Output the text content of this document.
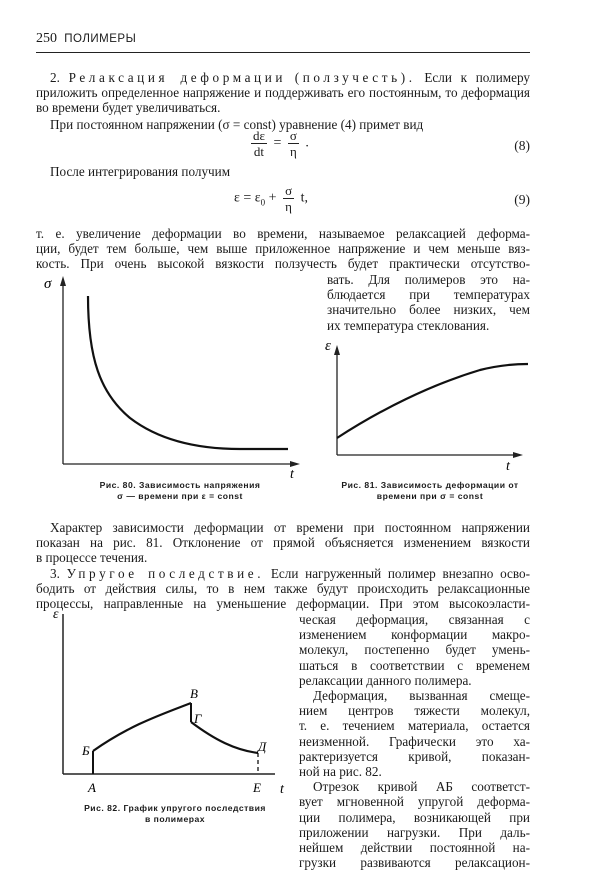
250 ПОЛИМЕРЫ

2. Релаксация деформации (ползучесть). Если к полимеру приложить определенное напряжение и поддерживать его постоянным, то деформация во времени будет увеличиваться.

При постоянном напряжении (σ = const) уравнение (4) примет вид

$\frac{d\varepsilon}{dt} = \frac{\sigma}{\eta}$ .	(8)
После интегрирования получим
$\varepsilon = \varepsilon_0 + \frac{\sigma}{\eta} t$,	(9)
т. е. увеличение деформации во времени, называемое релаксацией деформа-
ции, будет тем больше, чем выше приложенное напряжение и чем меньше вяз-
кость. При очень высокой вязкости ползучесть будет практически отсутство-
вать. Для полимеров это на-
блюдается при температурах
значительно более низких, чем
их температура стеклования.
σ
t
Рис. 80. Зависимость напряжения
σ — времени при ε = const
ε
t
Рис. 81. Зависимость деформации от
времени при σ = const
Характер зависимости деформации от времени при постоянном напряжении
показан на рис. 81. Отклонение от прямой объясняется изменением вязкости
в процессе течения.
3. Упругое последствие. Если нагруженный полимер внезапно осво-
бодить от действия силы, то в нем также будут происходить релаксационные
процессы, направленные на уменьшение деформации. При этом высокоэласти-
ческая деформация, связанная с
изменением конформации макро-
молекул, постепенно будет умень-
шаться в соответствии с временем
релаксации данного полимера.
Деформация, вызванная смеще-
нием центров тяжести молекул,
т. е. течением материала, остается
неизменной. Графически это ха-
рактеризуется кривой, показан-
ной на рис. 82.
Отрезок кривой АБ соответст-
вует мгновенной упругой деформа-
ции полимера, возникающей при
приложении нагрузки. При даль-
нейшем действии постоянной на-
грузки развиваются релаксацион-
ε
t
А
Б
В
Г
Д
Е
Рис. 82. График упругого последствия
в полимерах
